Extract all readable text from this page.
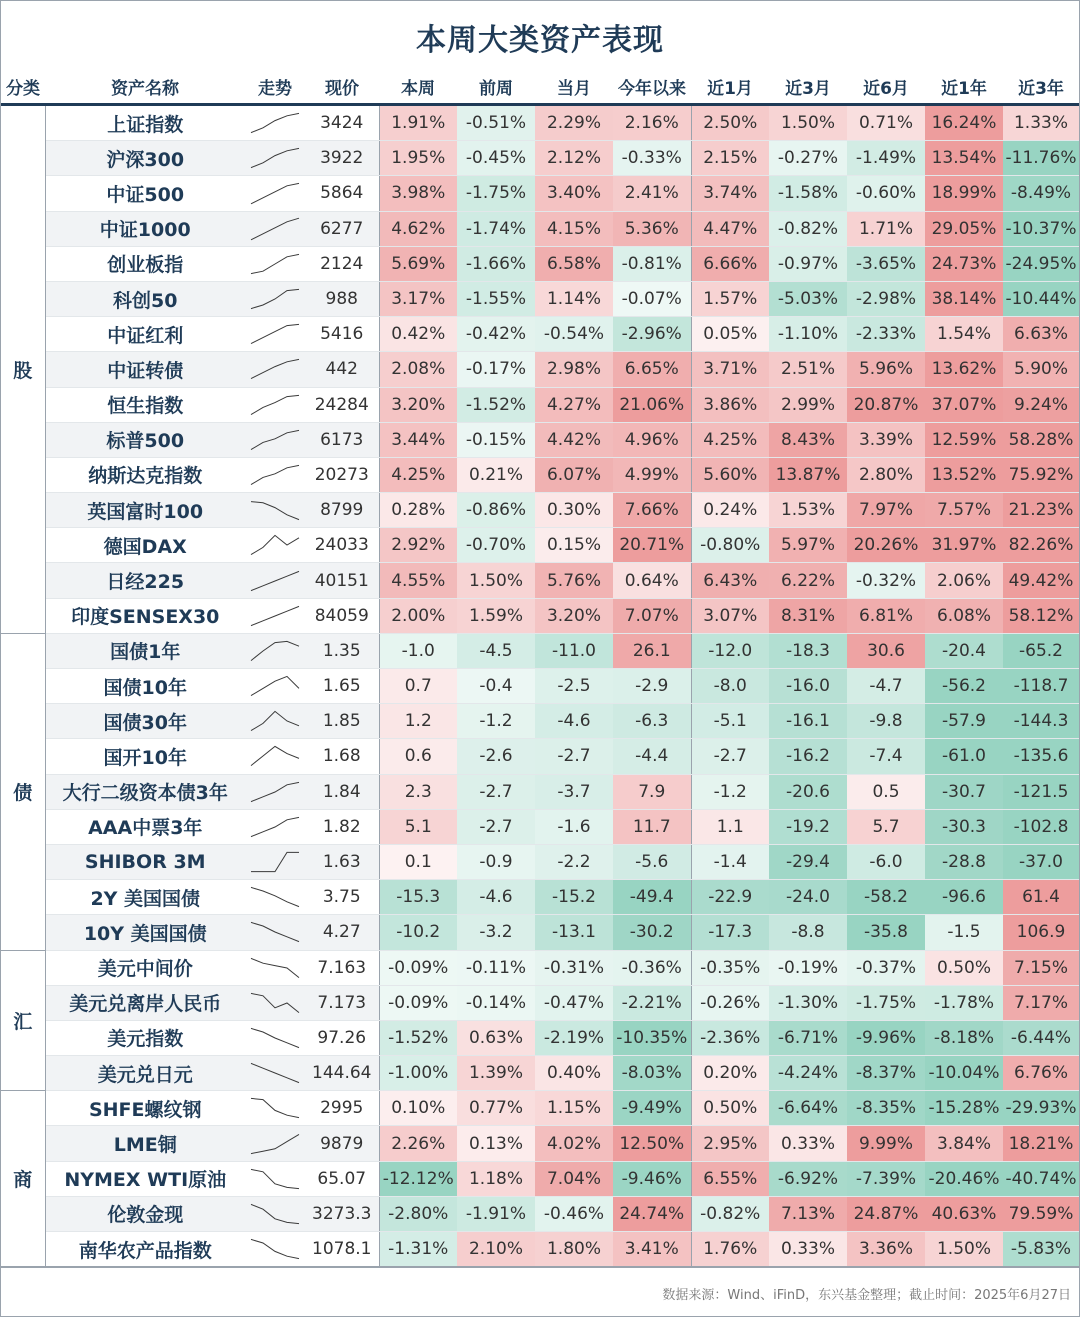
本周大类资产表现
分类	资产名称	走势	现价	本周	前周	当月	今年以来	近1月	近3月	近6月	近1年	近3年
股	上证指数		3424	1.91%	-0.51%	2.29%	2.16%	2.50%	1.50%	0.71%	16.24%	1.33%
	沪深300		3922	1.95%	-0.45%	2.12%	-0.33%	2.15%	-0.27%	-1.49%	13.54%	-11.76%
	中证500		5864	3.98%	-1.75%	3.40%	2.41%	3.74%	-1.58%	-0.60%	18.99%	-8.49%
	中证1000		6277	4.62%	-1.74%	4.15%	5.36%	4.47%	-0.82%	1.71%	29.05%	-10.37%
	创业板指		2124	5.69%	-1.66%	6.58%	-0.81%	6.66%	-0.97%	-3.65%	24.73%	-24.95%
	科创50		988	3.17%	-1.55%	1.14%	-0.07%	1.57%	-5.03%	-2.98%	38.14%	-10.44%
	中证红利		5416	0.42%	-0.42%	-0.54%	-2.96%	0.05%	-1.10%	-2.33%	1.54%	6.63%
	中证转债		442	2.08%	-0.17%	2.98%	6.65%	3.71%	2.51%	5.96%	13.62%	5.90%
	恒生指数		24284	3.20%	-1.52%	4.27%	21.06%	3.86%	2.99%	20.87%	37.07%	9.24%
	标普500		6173	3.44%	-0.15%	4.42%	4.96%	4.25%	8.43%	3.39%	12.59%	58.28%
	纳斯达克指数		20273	4.25%	0.21%	6.07%	4.99%	5.60%	13.87%	2.80%	13.52%	75.92%
	英国富时100		8799	0.28%	-0.86%	0.30%	7.66%	0.24%	1.53%	7.97%	7.57%	21.23%
	德国DAX		24033	2.92%	-0.70%	0.15%	20.71%	-0.80%	5.97%	20.26%	31.97%	82.26%
	日经225		40151	4.55%	1.50%	5.76%	0.64%	6.43%	6.22%	-0.32%	2.06%	49.42%
	印度SENSEX30		84059	2.00%	1.59%	3.20%	7.07%	3.07%	8.31%	6.81%	6.08%	58.12%
债	国债1年		1.35	-1.0	-4.5	-11.0	26.1	-12.0	-18.3	30.6	-20.4	-65.2
	国债10年		1.65	0.7	-0.4	-2.5	-2.9	-8.0	-16.0	-4.7	-56.2	-118.7
	国债30年		1.85	1.2	-1.2	-4.6	-6.3	-5.1	-16.1	-9.8	-57.9	-144.3
	国开10年		1.68	0.6	-2.6	-2.7	-4.4	-2.7	-16.2	-7.4	-61.0	-135.6
	大行二级资本债3年		1.84	2.3	-2.7	-3.7	7.9	-1.2	-20.6	0.5	-30.7	-121.5
	AAA中票3年		1.82	5.1	-2.7	-1.6	11.7	1.1	-19.2	5.7	-30.3	-102.8
	SHIBOR 3M		1.63	0.1	-0.9	-2.2	-5.6	-1.4	-29.4	-6.0	-28.8	-37.0
	2Y 美国国债		3.75	-15.3	-4.6	-15.2	-49.4	-22.9	-24.0	-58.2	-96.6	61.4
	10Y 美国国债		4.27	-10.2	-3.2	-13.1	-30.2	-17.3	-8.8	-35.8	-1.5	106.9
汇	美元中间价		7.163	-0.09%	-0.11%	-0.31%	-0.36%	-0.35%	-0.19%	-0.37%	0.50%	7.15%
	美元兑离岸人民币		7.173	-0.09%	-0.14%	-0.47%	-2.21%	-0.26%	-1.30%	-1.75%	-1.78%	7.17%
	美元指数		97.26	-1.52%	0.63%	-2.19%	-10.35%	-2.36%	-6.71%	-9.96%	-8.18%	-6.44%
	美元兑日元		144.64	-1.00%	1.39%	0.40%	-8.03%	0.20%	-4.24%	-8.37%	-10.04%	6.76%
商	SHFE螺纹钢		2995	0.10%	0.77%	1.15%	-9.49%	0.50%	-6.64%	-8.35%	-15.28%	-29.93%
	LME铜		9879	2.26%	0.13%	4.02%	12.50%	2.95%	0.33%	9.99%	3.84%	18.21%
	NYMEX WTI原油		65.07	-12.12%	1.18%	7.04%	-9.46%	6.55%	-6.92%	-7.39%	-20.46%	-40.74%
	伦敦金现		3273.3	-2.80%	-1.91%	-0.46%	24.74%	-0.82%	7.13%	24.87%	40.63%	79.59%
	南华农产品指数		1078.1	-1.31%	2.10%	1.80%	3.41%	1.76%	0.33%	3.36%	1.50%	-5.83%
数据来源：Wind、iFinD，东兴基金整理；截止时间：2025年6月27日
